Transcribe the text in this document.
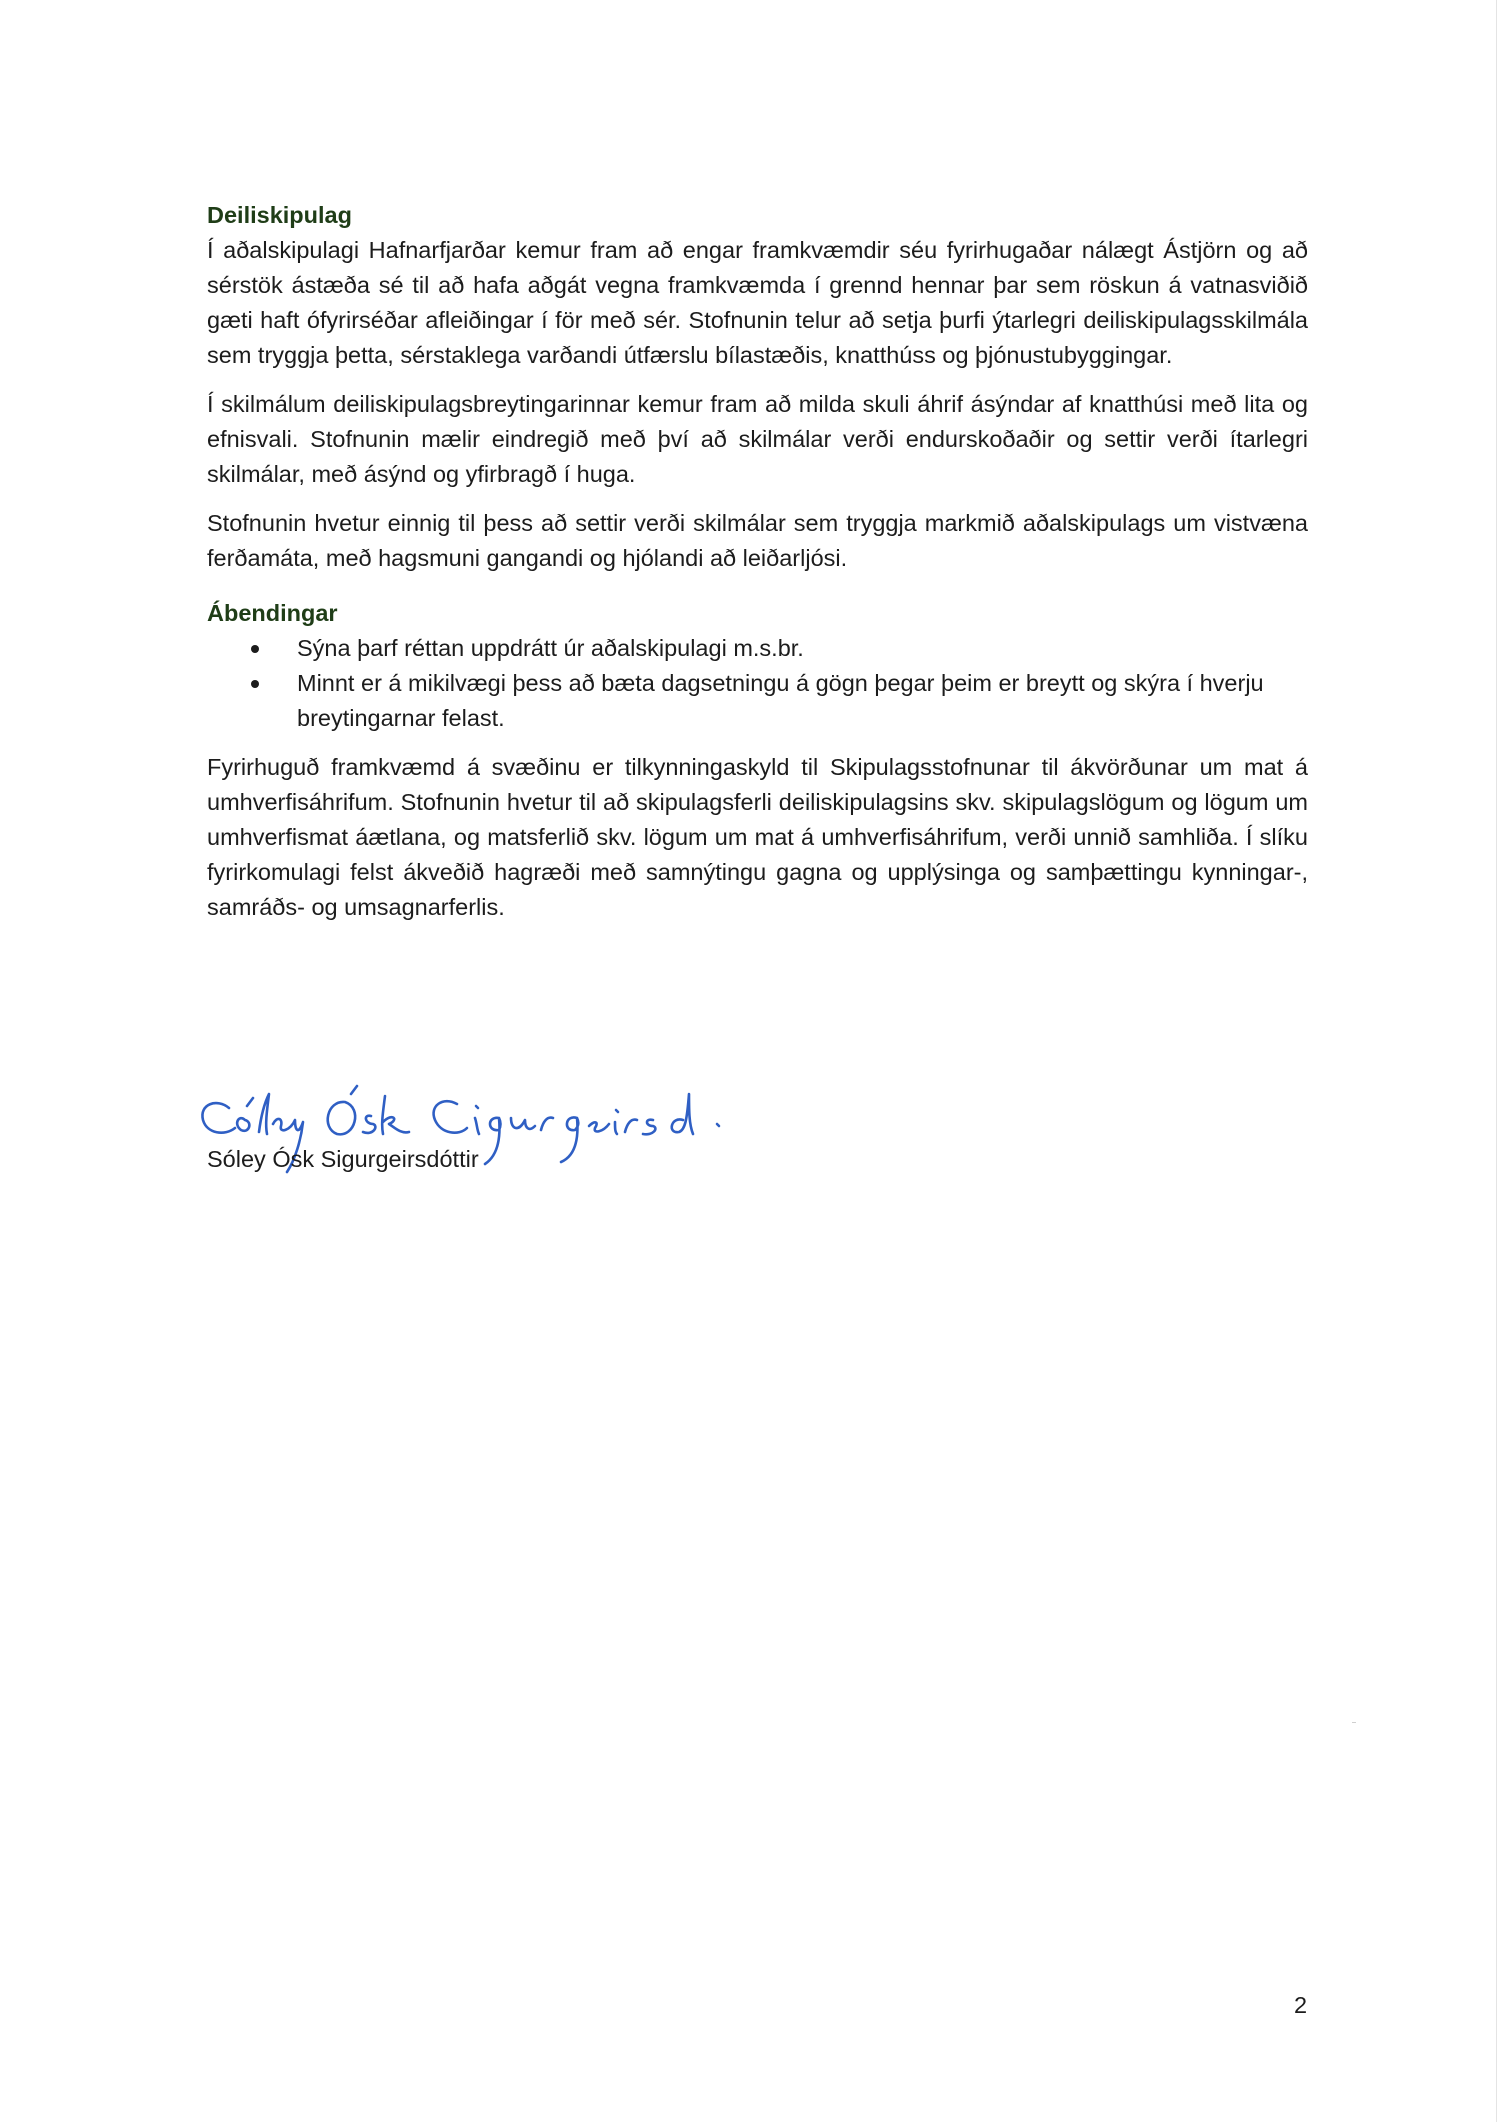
Deiliskipulag

Í aðalskipulagi Hafnarfjarðar kemur fram að engar framkvæmdir séu fyrirhugaðar nálægt Ástjörn og að sérstök ástæða sé til að hafa aðgát vegna framkvæmda í grennd hennar þar sem röskun á vatnasviðið gæti haft ófyrirséðar afleiðingar í för með sér. Stofnunin telur að setja þurfi ýtarlegri deiliskipulagsskilmála sem tryggja þetta, sérstaklega varðandi útfærslu bílastæðis, knatthúss og þjónustubyggingar.

Í skilmálum deiliskipulagsbreytingarinnar kemur fram að milda skuli áhrif ásýndar af knatthúsi með lita og efnisvali. Stofnunin mælir eindregið með því að skilmálar verði endurskoðaðir og settir verði ítarlegri skilmálar, með ásýnd og yfirbragð í huga.

Stofnunin hvetur einnig til þess að settir verði skilmálar sem tryggja markmið aðalskipulags um vistvæna ferðamáta, með hagsmuni gangandi og hjólandi að leiðarljósi.

Ábendingar

Sýna þarf réttan uppdrátt úr aðalskipulagi m.s.br.
Minnt er á mikilvægi þess að bæta dagsetningu á gögn þegar þeim er breytt og skýra í hverju breytingarnar felast.

Fyrirhuguð framkvæmd á svæðinu er tilkynningaskyld til Skipulagsstofnunar til ákvörðunar um mat á umhverfisáhrifum. Stofnunin hvetur til að skipulagsferli deiliskipulagsins skv. skipulagslögum og lögum um umhverfismat áætlana, og matsferlið skv. lögum um mat á umhverfisáhrifum, verði unnið samhliða. Í slíku fyrirkomulagi felst ákveðið hagræði með samnýtingu gagna og upplýsinga og samþættingu kynningar-, samráðs- og umsagnarferlis.

Sóley Ósk Sigurgeirsdóttir
2
